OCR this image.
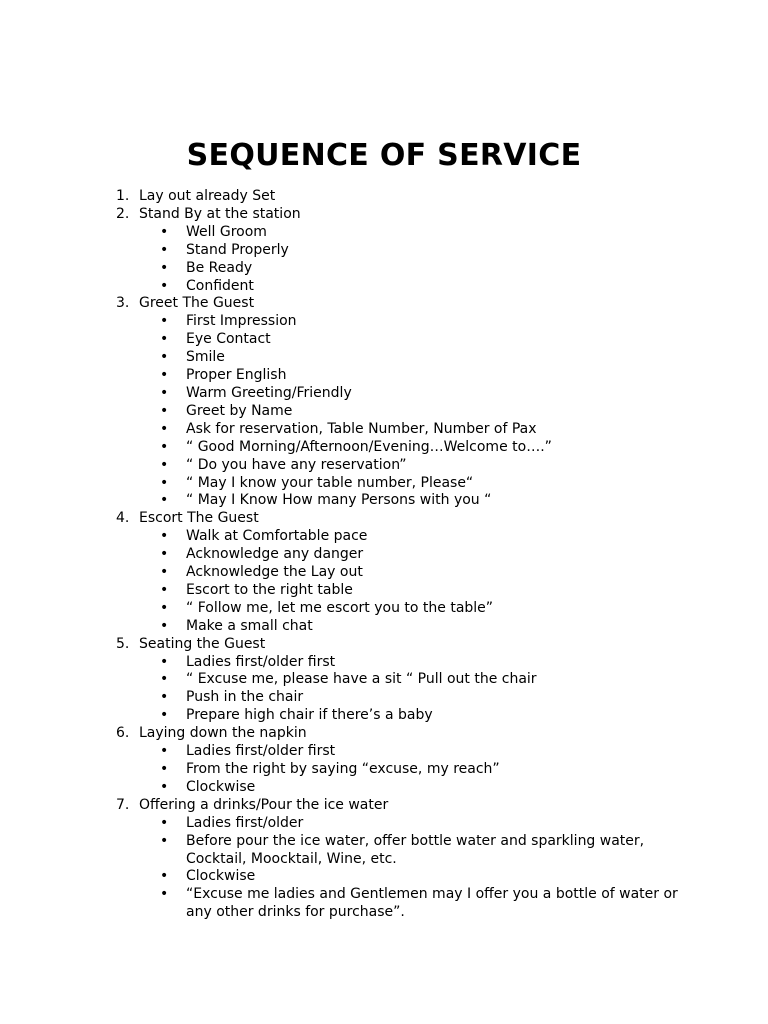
SEQUENCE OF SERVICE
1. Lay out already Set
2. Stand By at the station
• Well Groom
• Stand Properly
• Be Ready
• Confident
3. Greet The Guest
• First Impression
• Eye Contact
• Smile
• Proper English
• Warm Greeting/Friendly
• Greet by Name
• Ask for reservation, Table Number, Number of Pax
• “ Good Morning/Afternoon/Evening…Welcome to….”
• “ Do you have any reservation”
• “ May I know your table number, Please“
• “ May I Know How many Persons with you “
4. Escort The Guest
• Walk at Comfortable pace
• Acknowledge any danger
• Acknowledge the Lay out
• Escort to the right table
• “ Follow me, let me escort you to the table”
• Make a small chat
5. Seating the Guest
• Ladies first/older first
• “ Excuse me, please have a sit “ Pull out the chair
• Push in the chair
• Prepare high chair if there’s a baby
6. Laying down the napkin
• Ladies first/older first
• From the right by saying “excuse, my reach”
• Clockwise
7. Offering a drinks/Pour the ice water
• Ladies first/older
• Before pour the ice water, offer bottle water and sparkling water, Cocktail, Moocktail, Wine, etc.
• Clockwise
• “Excuse me ladies and Gentlemen may I offer you a bottle of water or any other drinks for purchase”.
